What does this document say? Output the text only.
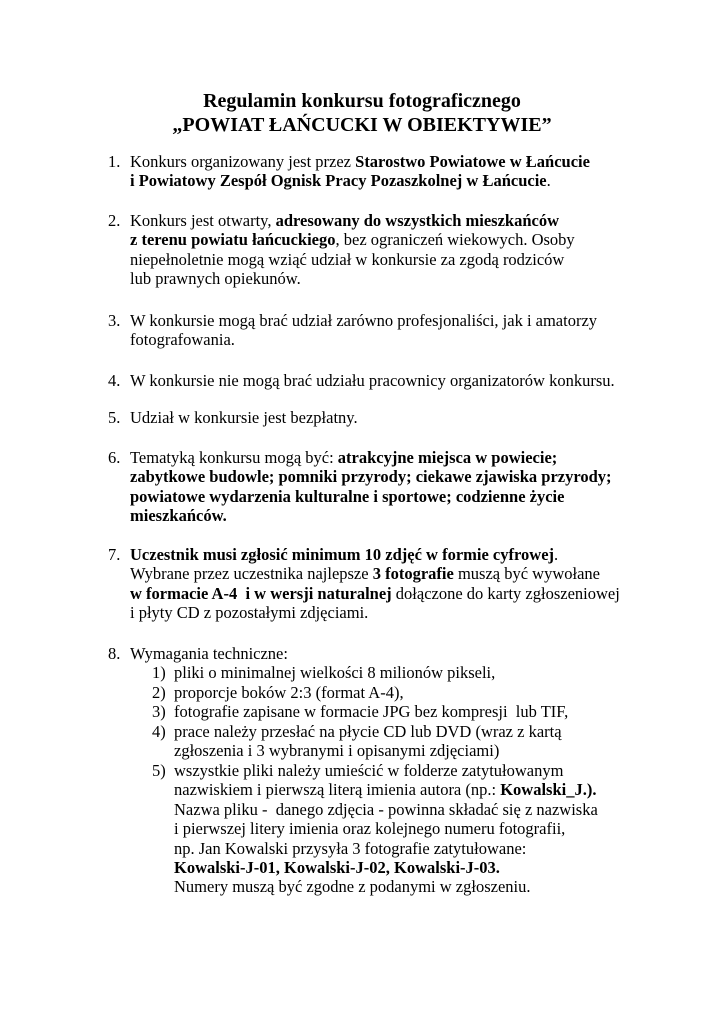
Regulamin konkursu fotograficznego
„POWIAT ŁAŃCUCKI W OBIEKTYWIE”
1. Konkurs organizowany jest przez Starostwo Powiatowe w Łańcucie
i Powiatowy Zespół Ognisk Pracy Pozaszkolnej w Łańcucie.
2. Konkurs jest otwarty, adresowany do wszystkich mieszkańców
z terenu powiatu łańcuckiego, bez ograniczeń wiekowych. Osoby
niepełnoletnie mogą wziąć udział w konkursie za zgodą rodziców
lub prawnych opiekunów.
3. W konkursie mogą brać udział zarówno profesjonaliści, jak i amatorzy
fotografowania.
4. W konkursie nie mogą brać udziału pracownicy organizatorów konkursu.
5. Udział w konkursie jest bezpłatny.
6. Tematyką konkursu mogą być: atrakcyjne miejsca w powiecie;
zabytkowe budowle; pomniki przyrody; ciekawe zjawiska przyrody;
powiatowe wydarzenia kulturalne i sportowe; codzienne życie
mieszkańców.
7. Uczestnik musi zgłosić minimum 10 zdjęć w formie cyfrowej.
Wybrane przez uczestnika najlepsze 3 fotografie muszą być wywołane
w formacie A-4  i w wersji naturalnej dołączone do karty zgłoszeniowej
i płyty CD z pozostałymi zdjęciami.
8. Wymagania techniczne:
1) pliki o minimalnej wielkości 8 milionów pikseli,
2) proporcje boków 2:3 (format A-4),
3) fotografie zapisane w formacie JPG bez kompresji  lub TIF,
4) prace należy przesłać na płycie CD lub DVD (wraz z kartą
zgłoszenia i 3 wybranymi i opisanymi zdjęciami)
5) wszystkie pliki należy umieścić w folderze zatytułowanym
nazwiskiem i pierwszą literą imienia autora (np.: Kowalski_J.).
Nazwa pliku -  danego zdjęcia - powinna składać się z nazwiska
i pierwszej litery imienia oraz kolejnego numeru fotografii,
np. Jan Kowalski przysyła 3 fotografie zatytułowane:
Kowalski-J-01, Kowalski-J-02, Kowalski-J-03.
Numery muszą być zgodne z podanymi w zgłoszeniu.
